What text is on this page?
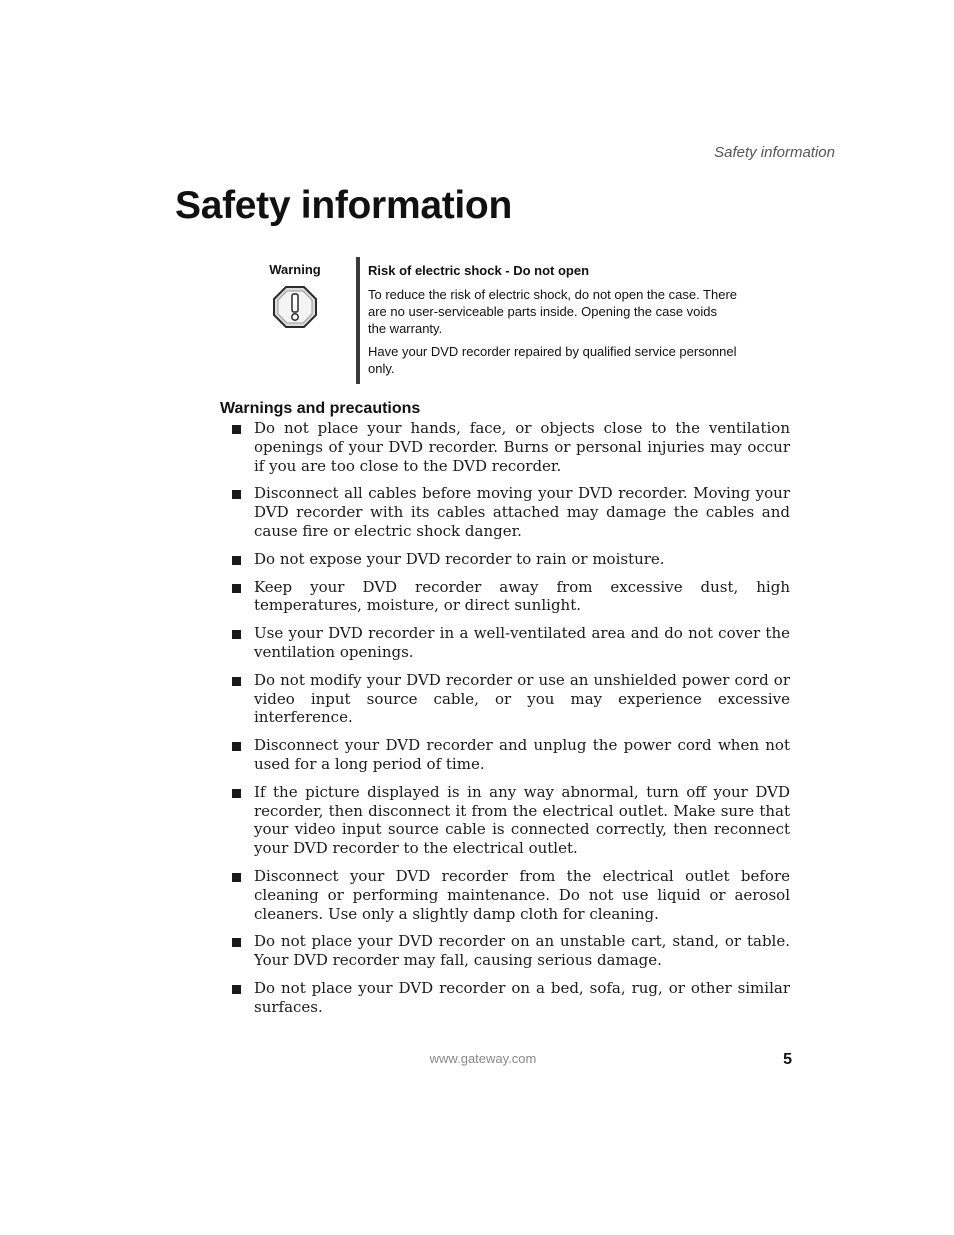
Safety information
Safety information
Warning	Risk of electric shock - Do not open

To reduce the risk of electric shock, do not open the case. There are no user-serviceable parts inside. Opening the case voids the warranty.

Have your DVD recorder repaired by qualified service personnel only.

Warnings and precautions
Do not place your hands, face, or objects close to the ventilation openings of your DVD recorder. Burns or personal injuries may occur if you are too close to the DVD recorder.
Disconnect all cables before moving your DVD recorder. Moving your DVD recorder with its cables attached may damage the cables and cause fire or electric shock danger.
Do not expose your DVD recorder to rain or moisture.
Keep your DVD recorder away from excessive dust, high temperatures, moisture, or direct sunlight.
Use your DVD recorder in a well-ventilated area and do not cover the ventilation openings.
Do not modify your DVD recorder or use an unshielded power cord or video input source cable, or you may experience excessive interference.
Disconnect your DVD recorder and unplug the power cord when not used for a long period of time.
If the picture displayed is in any way abnormal, turn off your DVD recorder, then disconnect it from the electrical outlet. Make sure that your video input source cable is connected correctly, then reconnect your DVD recorder to the electrical outlet.
Disconnect your DVD recorder from the electrical outlet before cleaning or performing maintenance. Do not use liquid or aerosol cleaners. Use only a slightly damp cloth for cleaning.
Do not place your DVD recorder on an unstable cart, stand, or table. Your DVD recorder may fall, causing serious damage.
Do not place your DVD recorder on a bed, sofa, rug, or other similar surfaces.
www.gateway.com	5
